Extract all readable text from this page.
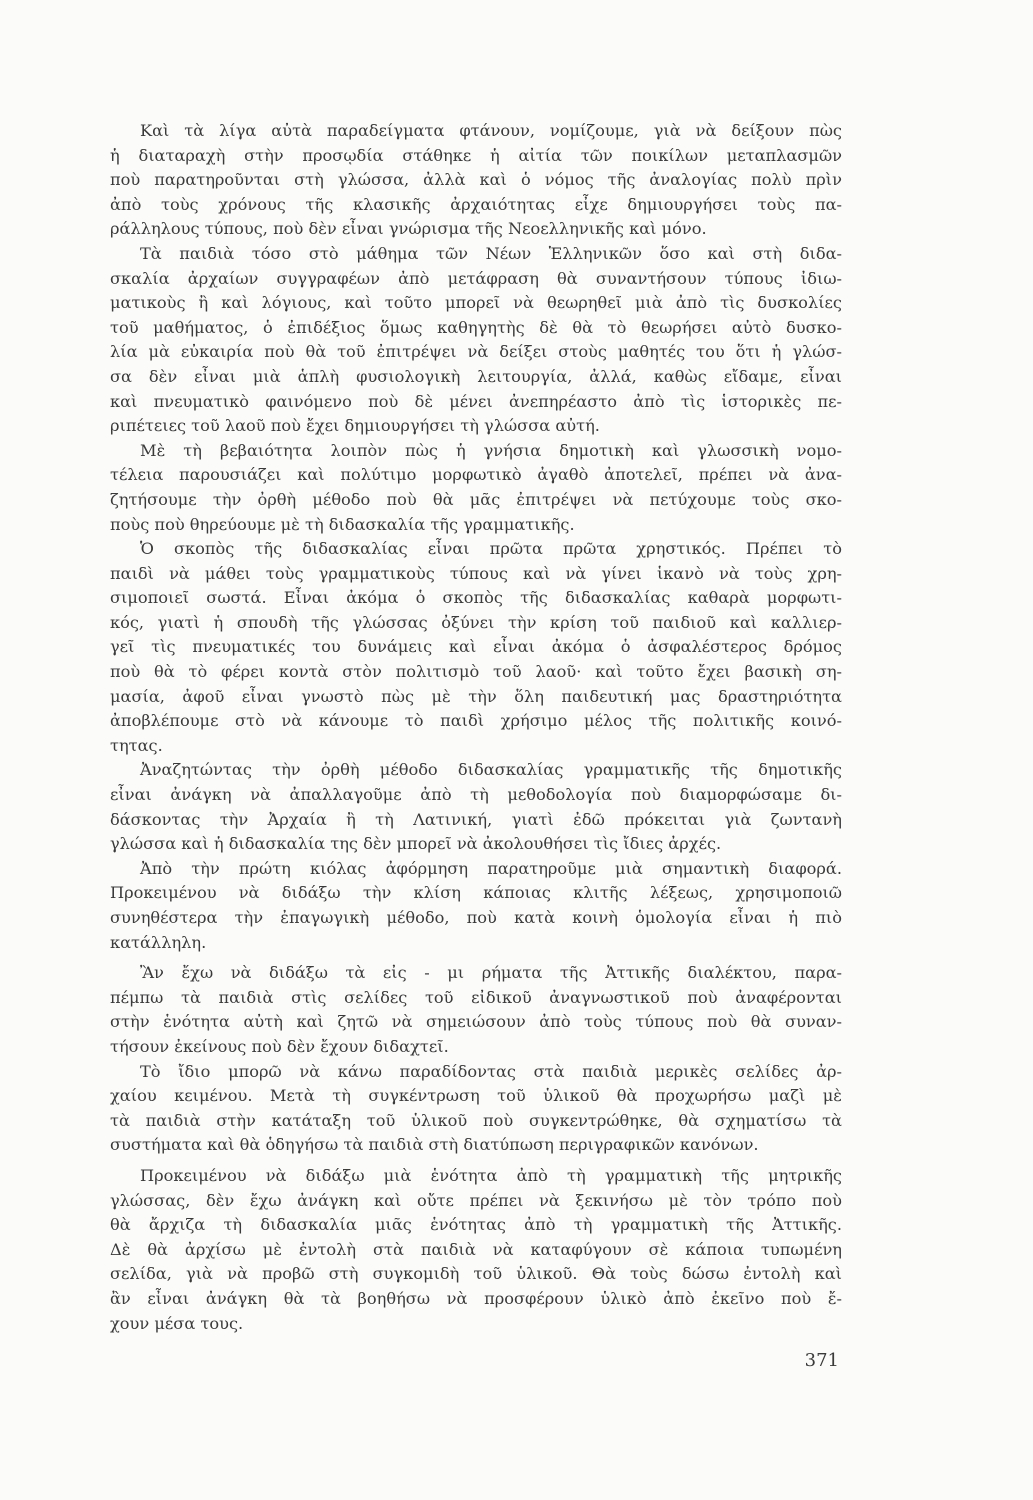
Καὶ τὰ λίγα αὐτὰ παραδείγματα φτάνουν, νομίζουμε, γιὰ νὰ δείξουν πὼς
ἡ διαταραχὴ στὴν προσῳδία στάθηκε ἡ αἰτία τῶν ποικίλων μεταπλασμῶν
ποὺ παρατηροῦνται στὴ γλώσσα, ἀλλὰ καὶ ὁ νόμος τῆς ἀναλογίας πολὺ πρὶν
ἀπὸ τοὺς χρόνους τῆς κλασικῆς ἀρχαιότητας εἶχε δημιουργήσει τοὺς πα-
ράλληλους τύπους, ποὺ δὲν εἶναι γνώρισμα τῆς Νεοελληνικῆς καὶ μόνο.
Τὰ παιδιὰ τόσο στὸ μάθημα τῶν Νέων Ἑλληνικῶν ὅσο καὶ στὴ διδα-
σκαλία ἀρχαίων συγγραφέων ἀπὸ μετάφραση θὰ συναντήσουν τύπους ἰδιω-
ματικοὺς ἢ καὶ λόγιους, καὶ τοῦτο μπορεῖ νὰ θεωρηθεῖ μιὰ ἀπὸ τὶς δυσκολίες
τοῦ μαθήματος, ὁ ἐπιδέξιος ὅμως καθηγητὴς δὲ θὰ τὸ θεωρήσει αὐτὸ δυσκο-
λία μὰ εὐκαιρία ποὺ θὰ τοῦ ἐπιτρέψει νὰ δείξει στοὺς μαθητές του ὅτι ἡ γλώσ-
σα δὲν εἶναι μιὰ ἁπλὴ φυσιολογικὴ λειτουργία, ἀλλά, καθὼς εἴδαμε, εἶναι
καὶ πνευματικὸ φαινόμενο ποὺ δὲ μένει ἀνεπηρέαστο ἀπὸ τὶς ἱστορικὲς πε-
ριπέτειες τοῦ λαοῦ ποὺ ἔχει δημιουργήσει τὴ γλώσσα αὐτή.
Μὲ τὴ βεβαιότητα λοιπὸν πὼς ἡ γνήσια δημοτικὴ καὶ γλωσσικὴ νομο-
τέλεια παρουσιάζει καὶ πολύτιμο μορφωτικὸ ἀγαθὸ ἀποτελεῖ, πρέπει νὰ ἀνα-
ζητήσουμε τὴν ὀρθὴ μέθοδο ποὺ θὰ μᾶς ἐπιτρέψει νὰ πετύχουμε τοὺς σκο-
ποὺς ποὺ θηρεύουμε μὲ τὴ διδασκαλία τῆς γραμματικῆς.
Ὁ σκοπὸς τῆς διδασκαλίας εἶναι πρῶτα πρῶτα χρηστικός. Πρέπει τὸ
παιδὶ νὰ μάθει τοὺς γραμματικοὺς τύπους καὶ νὰ γίνει ἱκανὸ νὰ τοὺς χρη-
σιμοποιεῖ σωστά. Εἶναι ἀκόμα ὁ σκοπὸς τῆς διδασκαλίας καθαρὰ μορφωτι-
κός, γιατὶ ἡ σπουδὴ τῆς γλώσσας ὀξύνει τὴν κρίση τοῦ παιδιοῦ καὶ καλλιερ-
γεῖ τὶς πνευματικές του δυνάμεις καὶ εἶναι ἀκόμα ὁ ἀσφαλέστερος δρόμος
ποὺ θὰ τὸ φέρει κοντὰ στὸν πολιτισμὸ τοῦ λαοῦ· καὶ τοῦτο ἔχει βασικὴ ση-
μασία, ἀφοῦ εἶναι γνωστὸ πὼς μὲ τὴν ὅλη παιδευτική μας δραστηριότητα
ἀποβλέπουμε στὸ νὰ κάνουμε τὸ παιδὶ χρήσιμο μέλος τῆς πολιτικῆς κοινό-
τητας.
Ἀναζητώντας τὴν ὀρθὴ μέθοδο διδασκαλίας γραμματικῆς τῆς δημοτικῆς
εἶναι ἀνάγκη νὰ ἀπαλλαγοῦμε ἀπὸ τὴ μεθοδολογία ποὺ διαμορφώσαμε δι-
δάσκοντας τὴν Ἀρχαία ἢ τὴ Λατινική, γιατὶ ἐδῶ πρόκειται γιὰ ζωντανὴ
γλώσσα καὶ ἡ διδασκαλία της δὲν μπορεῖ νὰ ἀκολουθήσει τὶς ἴδιες ἀρχές.
Ἀπὸ τὴν πρώτη κιόλας ἀφόρμηση παρατηροῦμε μιὰ σημαντικὴ διαφορά.
Προκειμένου νὰ διδάξω τὴν κλίση κάποιας κλιτῆς λέξεως, χρησιμοποιῶ
συνηθέστερα τὴν ἐπαγωγικὴ μέθοδο, ποὺ κατὰ κοινὴ ὁμολογία εἶναι ἡ πιὸ
κατάλληλη.
Ἂν ἔχω νὰ διδάξω τὰ εἰς - μι ρήματα τῆς Ἀττικῆς διαλέκτου, παρα-
πέμπω τὰ παιδιὰ στὶς σελίδες τοῦ εἰδικοῦ ἀναγνωστικοῦ ποὺ ἀναφέρονται
στὴν ἑνότητα αὐτὴ καὶ ζητῶ νὰ σημειώσουν ἀπὸ τοὺς τύπους ποὺ θὰ συναν-
τήσουν ἐκείνους ποὺ δὲν ἔχουν διδαχτεῖ.
Τὸ ἴδιο μπορῶ νὰ κάνω παραδίδοντας στὰ παιδιὰ μερικὲς σελίδες ἀρ-
χαίου κειμένου. Μετὰ τὴ συγκέντρωση τοῦ ὑλικοῦ θὰ προχωρήσω μαζὶ μὲ
τὰ παιδιὰ στὴν κατάταξη τοῦ ὑλικοῦ ποὺ συγκεντρώθηκε, θὰ σχηματίσω τὰ
συστήματα καὶ θὰ ὁδηγήσω τὰ παιδιὰ στὴ διατύπωση περιγραφικῶν κανόνων.
Προκειμένου νὰ διδάξω μιὰ ἑνότητα ἀπὸ τὴ γραμματικὴ τῆς μητρικῆς
γλώσσας, δὲν ἔχω ἀνάγκη καὶ οὔτε πρέπει νὰ ξεκινήσω μὲ τὸν τρόπο ποὺ
θὰ ἄρχιζα τὴ διδασκαλία μιᾶς ἑνότητας ἀπὸ τὴ γραμματικὴ τῆς Ἀττικῆς.
Δὲ θὰ ἀρχίσω μὲ ἐντολὴ στὰ παιδιὰ νὰ καταφύγουν σὲ κάποια τυπωμένη
σελίδα, γιὰ νὰ προβῶ στὴ συγκομιδὴ τοῦ ὑλικοῦ. Θὰ τοὺς δώσω ἐντολὴ καὶ
ἂν εἶναι ἀνάγκη θὰ τὰ βοηθήσω νὰ προσφέρουν ὑλικὸ ἀπὸ ἐκεῖνο ποὺ ἔ-
χουν μέσα τους.
371
